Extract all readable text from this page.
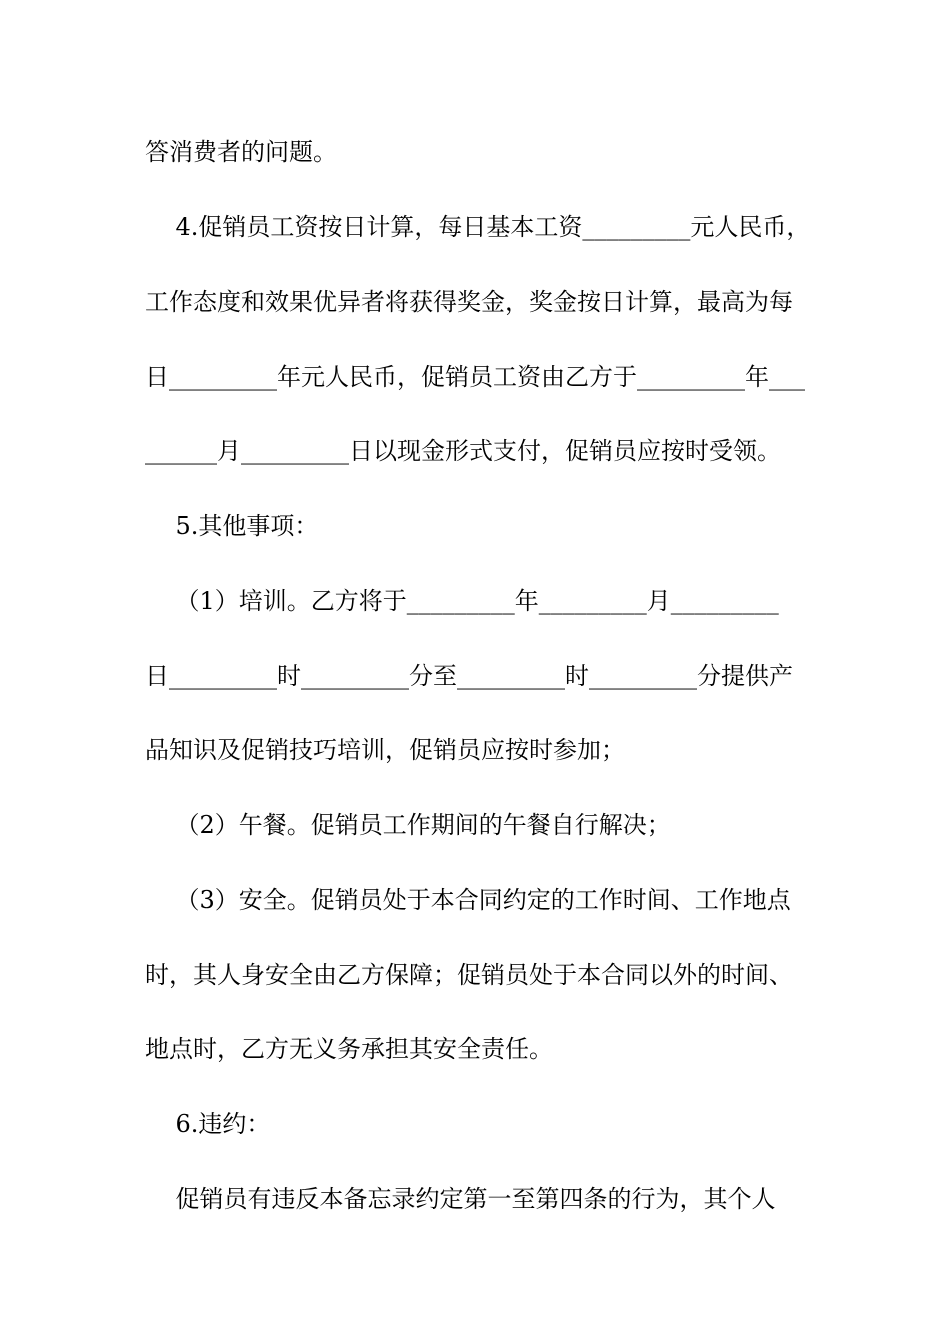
答消费者的问题。
4.促销员工资按日计算，每日基本工资_________元人民币，
工作态度和效果优异者将获得奖金，奖金按日计算，最高为每
日_________年元人民币，促销员工资由乙方于_________年___
______月_________日以现金形式支付，促销员应按时受领。
5.其他事项：
（1）培训。乙方将于_________年_________月_________
日_________时_________分至_________时_________分提供产
品知识及促销技巧培训，促销员应按时参加；
（2）午餐。促销员工作期间的午餐自行解决；
（3）安全。促销员处于本合同约定的工作时间、工作地点
时，其人身安全由乙方保障；促销员处于本合同以外的时间、
地点时，乙方无义务承担其安全责任。
6.违约：
促销员有违反本备忘录约定第一至第四条的行为，其个人
